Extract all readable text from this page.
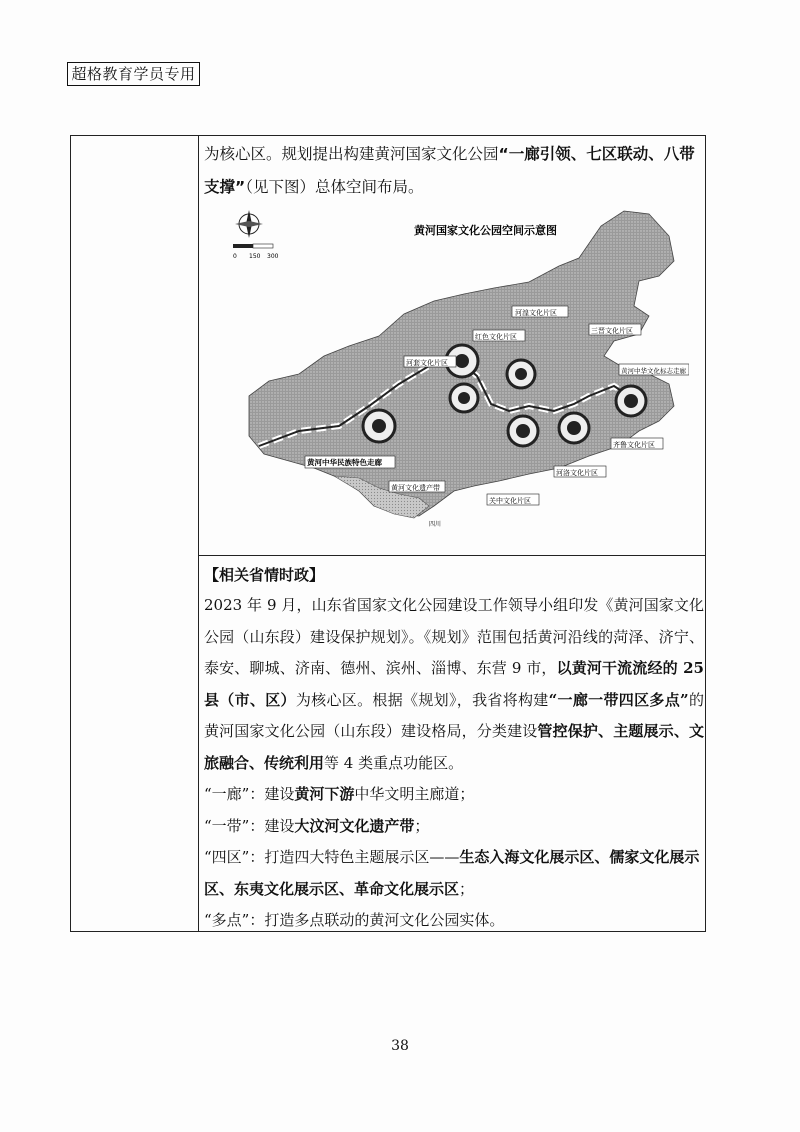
超格教育学员专用

为核心区。规划提出构建黄河国家文化公园“一廊引领、七区联动、八带支撑”（见下图）总体空间布局。

0 150 300
黄河国家文化公园空间示意图
河湟文化片区
红色文化片区
河套文化片区
三晋文化片区
黄河中华文化标志走廊
黄河中华民族特色走廊
关中文化片区
河洛文化片区
齐鲁文化片区
黄河文化遗产带
四川

【相关省情时政】

2023 年 9 月，山东省国家文化公园建设工作领导小组印发《黄河国家文化公园（山东段）建设保护规划》。《规划》范围包括黄河沿线的菏泽、济宁、泰安、聊城、济南、德州、滨州、淄博、东营 9 市，以黄河干流流经的 25 县（市、区）为核心区。根据《规划》，我省将构建“一廊一带四区多点”的黄河国家文化公园（山东段）建设格局，分类建设管控保护、主题展示、文旅融合、传统利用等 4 类重点功能区。

“一廊”：建设黄河下游中华文明主廊道；

“一带”：建设大汶河文化遗产带；

“四区”：打造四大特色主题展示区——生态入海文化展示区、儒家文化展示区、东夷文化展示区、革命文化展示区；

“多点”：打造多点联动的黄河文化公园实体。

38
